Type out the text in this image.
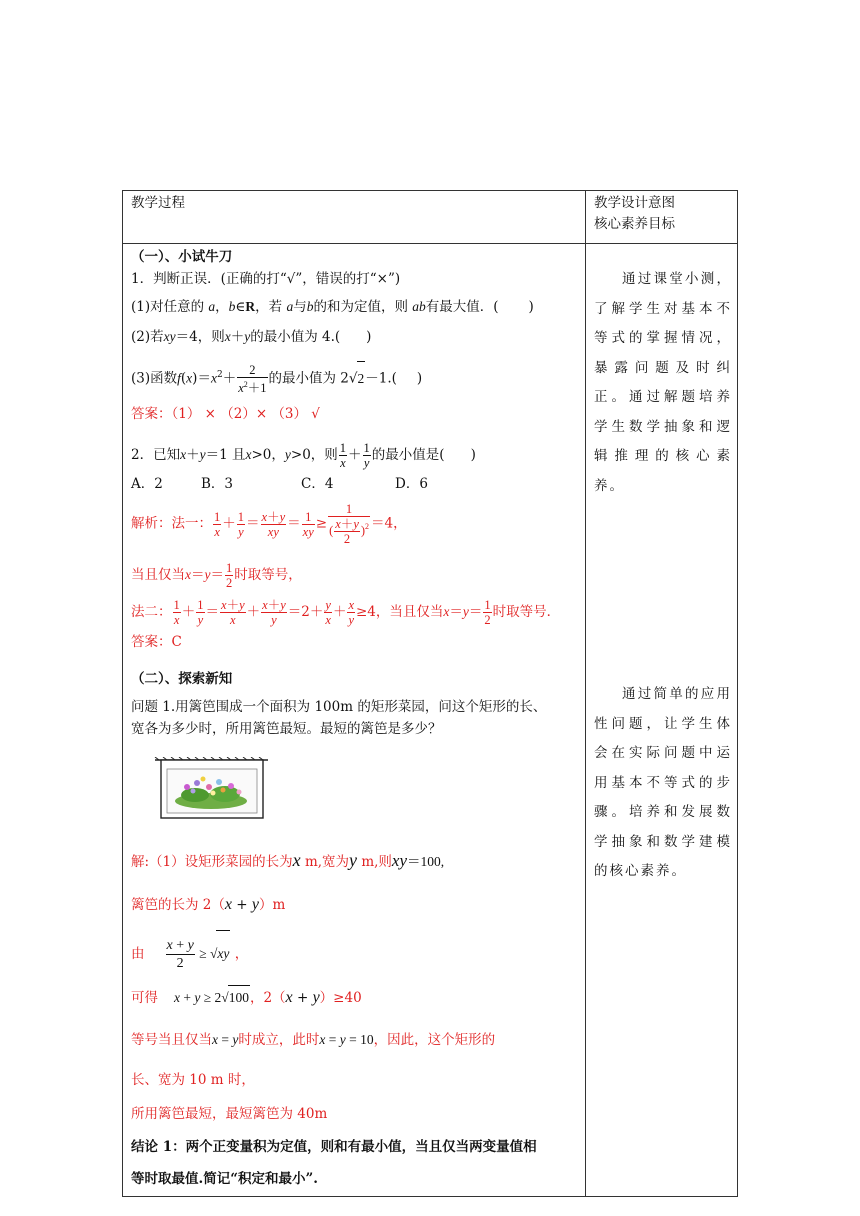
教学过程	教学设计意图
核心素养目标
（一）、小试牛刀
1．判断正误．(正确的打“√”，错误的打“×”)
(1)对任意的 a，b∈R，若 a与b的和为定值，则 ab有最大值．( )
(2)若xy＝4，则x＋y的最小值为 4.( )
(3)函数$f(x)=x^2+ \frac{2}{x^2+1}$ 的最小值为 2√2－1.( )
答案：（1） × （2）× （3） √
2．已知x＋y＝1 且x>0，y>0，则 $\frac{1}{x} + \frac{1}{y}$ 的最小值是( )
A．2	B．3	C．4	D．6
解析：法一： $\frac{1}{x} + \frac{1}{y} = \frac{x+y}{xy} = \frac{1}{xy} \ge \frac{1}{( \frac{x+y}{2} )^2} =4$，
当且仅当$x=y= \frac{1}{2}$ 时取等号，
法二： $\frac{1}{x} + \frac{1}{y} = \frac{x+y}{x} + \frac{x+y}{y} =2+ \frac{y}{x} + \frac{x}{y} \ge 4$，当且仅当$x=y= \frac{1}{2}$ 时取等号．
答案：C
（二）、探索新知
问题 1.用篱笆围成一个面积为 100m 的矩形菜园，问这个矩形的长、
宽各为多少时，所用篱笆最短。最短的篱笆是多少？
解:（1）设矩形菜园的长为x m,宽为y m,则xy＝100,
篱笆的长为 2（x + y）m
由 $\frac{x + y}{2} \ge √xy$ ，
可得 x + y ≥ 2√100，2（x + y）≥40
等号当且仅当x = y时成立，此时x = y = 10，因此，这个矩形的
长、宽为 10 m 时，
所用篱笆最短，最短篱笆为 40m
结论 1：两个正变量积为定值，则和有最小值，当且仅当两变量值相
等时取最值.简记“积定和最小”.
通过课堂小测，了解学生对基本不等式的掌握情况，暴露问题及时纠正。通过解题培养学生数学抽象和逻辑推理的核心素养。
通过简单的应用性问题，让学生体会在实际问题中运用基本不等式的步骤。培养和发展数学抽象和数学建模的核心素养。
